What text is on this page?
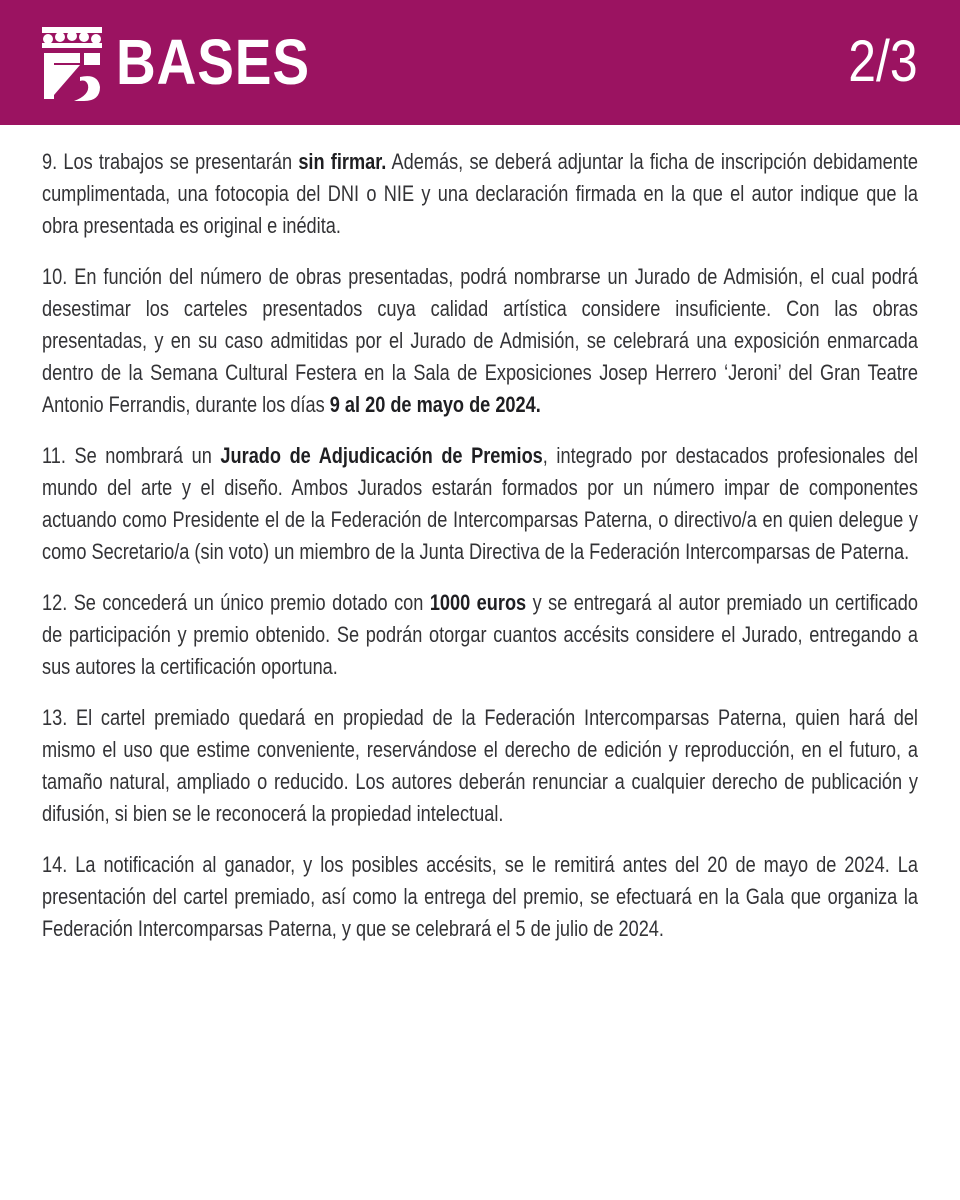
BASES	2/3

9. Los trabajos se presentarán sin firmar. Además, se deberá adjuntar la ficha de inscripción debidamente cumplimentada, una fotocopia del DNI o NIE y una declaración firmada en la que el autor indique que la obra presentada es original e inédita.

10. En función del número de obras presentadas, podrá nombrarse un Jurado de Admisión, el cual podrá desestimar los carteles presentados cuya calidad artística considere insuficiente. Con las obras presentadas, y en su caso admitidas por el Jurado de Admisión, se celebrará una exposición enmarcada dentro de la Semana Cultural Festera en la Sala de Exposiciones Josep Herrero ‘Jeroni’ del Gran Teatre Antonio Ferrandis, durante los días 9 al 20 de mayo de 2024.

11. Se nombrará un Jurado de Adjudicación de Premios, integrado por destacados profesionales del mundo del arte y el diseño. Ambos Jurados estarán formados por un número impar de componentes actuando como Presidente el de la Federación de Intercomparsas Paterna, o directivo/a en quien delegue y como Secretario/a (sin voto) un miembro de la Junta Directiva de la Federación Intercomparsas de Paterna.

12. Se concederá un único premio dotado con 1000 euros y se entregará al autor premiado un certificado de participación y premio obtenido. Se podrán otorgar cuantos accésits considere el Jurado, entregando a sus autores la certificación oportuna.

13. El cartel premiado quedará en propiedad de la Federación Intercomparsas Paterna, quien hará del mismo el uso que estime conveniente, reservándose el derecho de edición y reproducción, en el futuro, a tamaño natural, ampliado o reducido. Los autores deberán renunciar a cualquier derecho de publicación y difusión, si bien se le reconocerá la propiedad intelectual.

14. La notificación al ganador, y los posibles accésits, se le remitirá antes del 20 de mayo de 2024. La presentación del cartel premiado, así como la entrega del premio, se efectuará en la Gala que organiza la Federación Intercomparsas Paterna, y que se celebrará el 5 de julio de 2024.
